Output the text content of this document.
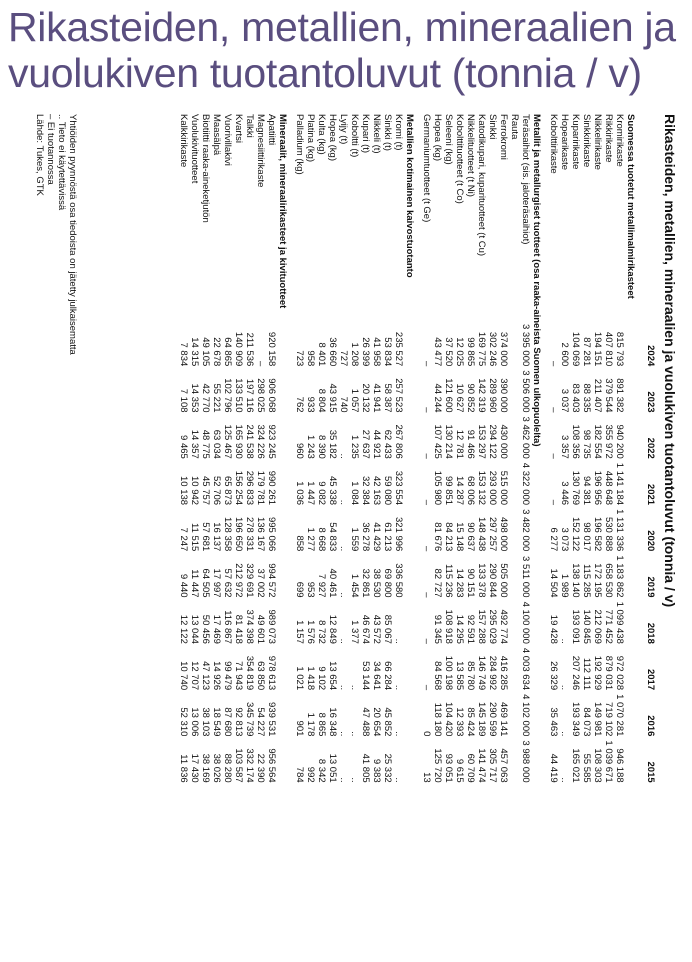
Rikasteiden, metallien, mineraalien ja vuolukiven tuotantoluvut (tonnia / v)
Rikasteiden, metallien, mineraalien ja vuolukiven tuotantoluvut (tonnia / v)
	2024	2023	2022	2021	2020	2019	2018	2017	2016	2015
Suomessa tuotetut metallimalmirikasteet										
Kromirikaste	815 793	891 382	940 200	1 141 184	1 131 336	1 183 862	1 099 438	972 028	1 070 281	946 188
Rikkirikaste	407 810	379 544	355 972	448 648	530 888	658 530	771 452	879 031	719 102	1 039 671
Nikkelirikaste	194 151	211 407	182 554	196 956	196 582	172 195	212 069	192 929	149 981	108 303
Sinkkirikaste	87 281	88 335	98 735	94 381	98 017	115 285	140 845	112 111	84 073	55 585
Kuparirikaste	104 069	83 403	108 356	130 769	152 122	138 140	193 091	207 246	193 349	165 021
Hopearikaste	2 600	3 037	3 357	3 446	3 073	1 989	..	..	..	..
Kobolttirikaste	–	–	–	–	6 277	14 504	19 428	26 329	35 463	44 419
Metallit ja metallurgiset tuotteet (osa raaka-aineista Suomen ulkopuolelta)										
Teräsaihiot (sis. jaloteräsaihiot)	3 395 000	3 506 000	3 462 000	4 322 000	3 482 000	3 511 000	4 100 000	4 003 634	4 102 000	3 988 000
Rauta										
Ferrokromi	374 000	390 000	430 000	515 000	498 000	505 000	492 774	416 285	469 141	457 063
Sinkki	302 246	289 960	294 122	293 000	297 257	290 844	295 029	284 992	290 599	305 717
Katodikupari, kuparituotteet (t Cu)	169 775	142 319	153 297	153 132	148 438	133 378	157 288	146 749	145 189	141 474
Nikkelituotteet (t Ni)	99 865	90 852	91 466	68 006	90 637	90 151	92 591	85 780	85 424	60 709
Kobolttituotteet (t Co)	12 025	10 627	12 781	14 287	15 148	14 283	14 295	13 585	12 393	9 615
Seleeni (kg)	37 520	121 600	130 214	99 851	84 213	115 236	108 918	100 198	104 420	93 051
Hopea (kg)	43 477	44 244	107 425	105 980	81 676	82 727	91 345	84 568	118 180	125 720
Germaniumtuotteet (t Ge)	–	–	–	–	–	–	–	–	0	13
Metallien kotimainen kaivostuotanto										
Kromi (t)	235 527	257 523	267 806	323 554	321 996	336 580	..	..	..	..
Sinkki (t)	53 834	58 387	62 433	59 080	61 213	69 800	85 067	66 284	45 852	25 332
Nikkeli (t)	41 958	41 941	44 921	42 163	41 429	38 530	43 572	34 641	20 654	9 383
Kupari (t)	26 399	20 132	27 637	32 384	36 278	32 861	46 674	53 144	47 488	41 805
Koboltti (t)	1 208	1 057	1 235	1 084	1 559	1 454	1 377	..	..	..
Lyijy (t)	727	740	..	..	..	..	..	..	..	..
Hopea (kg)	36 660	43 915	35 182	45 338	54 833	40 461	12 849	13 654	16 348	13 051
Kulta (kg)	8 401	8 804	8 390	9 082	8 668	7 927	8 732	9 102	8 865	8 342
Platina (kg)	958	933	1 243	1 447	1 277	953	1 576	1 418	1 178	992
Palladium (kg)	723	762	960	1 036	858	699	1 157	1 021	901	784
Mineraalit, mineraalirikasteet ja kivituotteet										
Apatiitti	920 158	906 068	923 245	990 261	995 066	994 572	989 073	978 613	939 531	956 564
Magnesiittirikaste	–	298 025	324 226	179 781	136 167	37 002	49 601	63 850	54 227	22 390
Talkki	211 536	197 116	241 538	296 833	278 331	329 691	374 398	354 819	345 739	332 174
Kvartsi	140 909	133 510	165 930	156 254	196 650	212 972	81 418	71 943	92 813	103 587
Vuorivillakivi	64 865	102 796	125 467	65 873	128 358	57 632	116 867	99 479	87 680	88 280
Maasälpä	22 678	55 221	63 034	52 706	16 137	17 997	17 469	14 926	18 549	38 026
Biotiitti raaka-aineketjutön	49 105	42 770	48 775	45 757	57 681	64 505	50 456	47 123	38 103	38 169
Vuolukivituotteet	14 315	14 353	14 357	10 942	11 515	11 447	13 044	12 707	13 006	17 430
Kalkkirikaste	7 834	7 108	9 465	10 138	7 247	9 440	12 122	10 740	52 310	11 836
Yhtiöiden pyynnöstä osa tiedoista on jätetty julkaisematta
.. Tieto ei käytettävissä
– Ei tuotannossa
Lähde: Tukes, GTK
